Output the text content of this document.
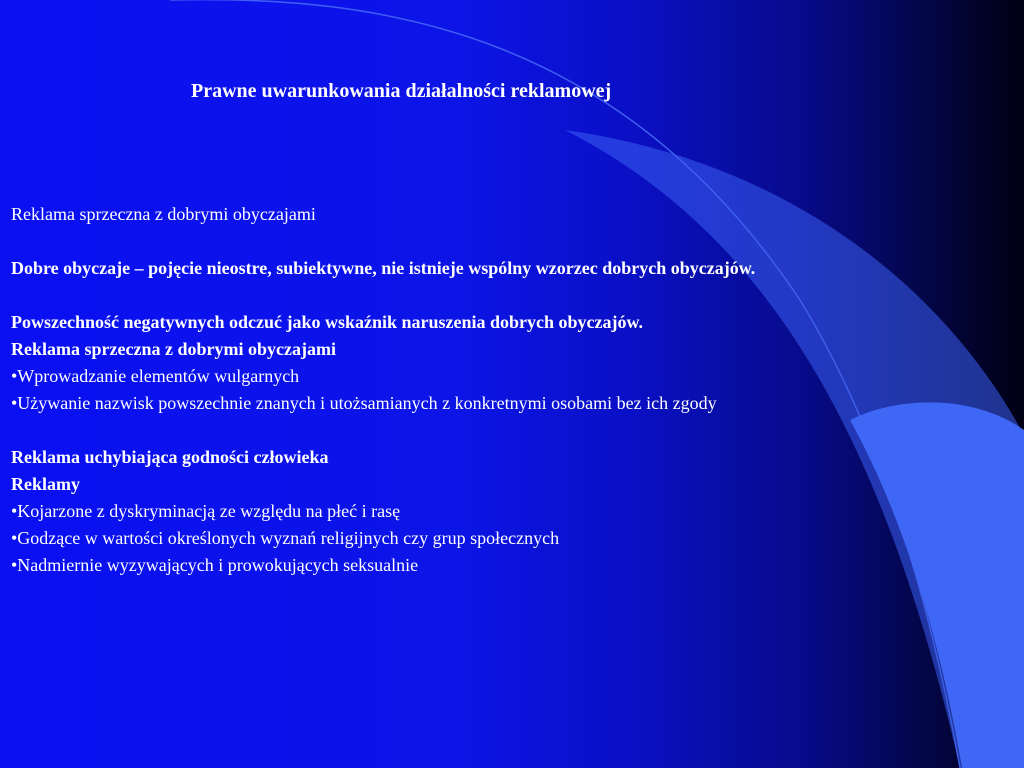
Prawne uwarunkowania działalności reklamowej
Reklama sprzeczna z dobrymi obyczajami
Dobre obyczaje – pojęcie nieostre, subiektywne, nie istnieje wspólny wzorzec dobrych obyczajów.
Powszechność negatywnych odczuć jako wskaźnik naruszenia dobrych obyczajów.
Reklama sprzeczna z dobrymi obyczajami
•Wprowadzanie elementów wulgarnych
•Używanie nazwisk powszechnie znanych i utożsamianych z konkretnymi osobami bez ich zgody
Reklama uchybiająca godności człowieka
Reklamy
•Kojarzone z dyskryminacją ze względu na płeć i rasę
•Godzące w wartości określonych wyznań religijnych czy grup społecznych
•Nadmiernie wyzywających i prowokujących seksualnie
